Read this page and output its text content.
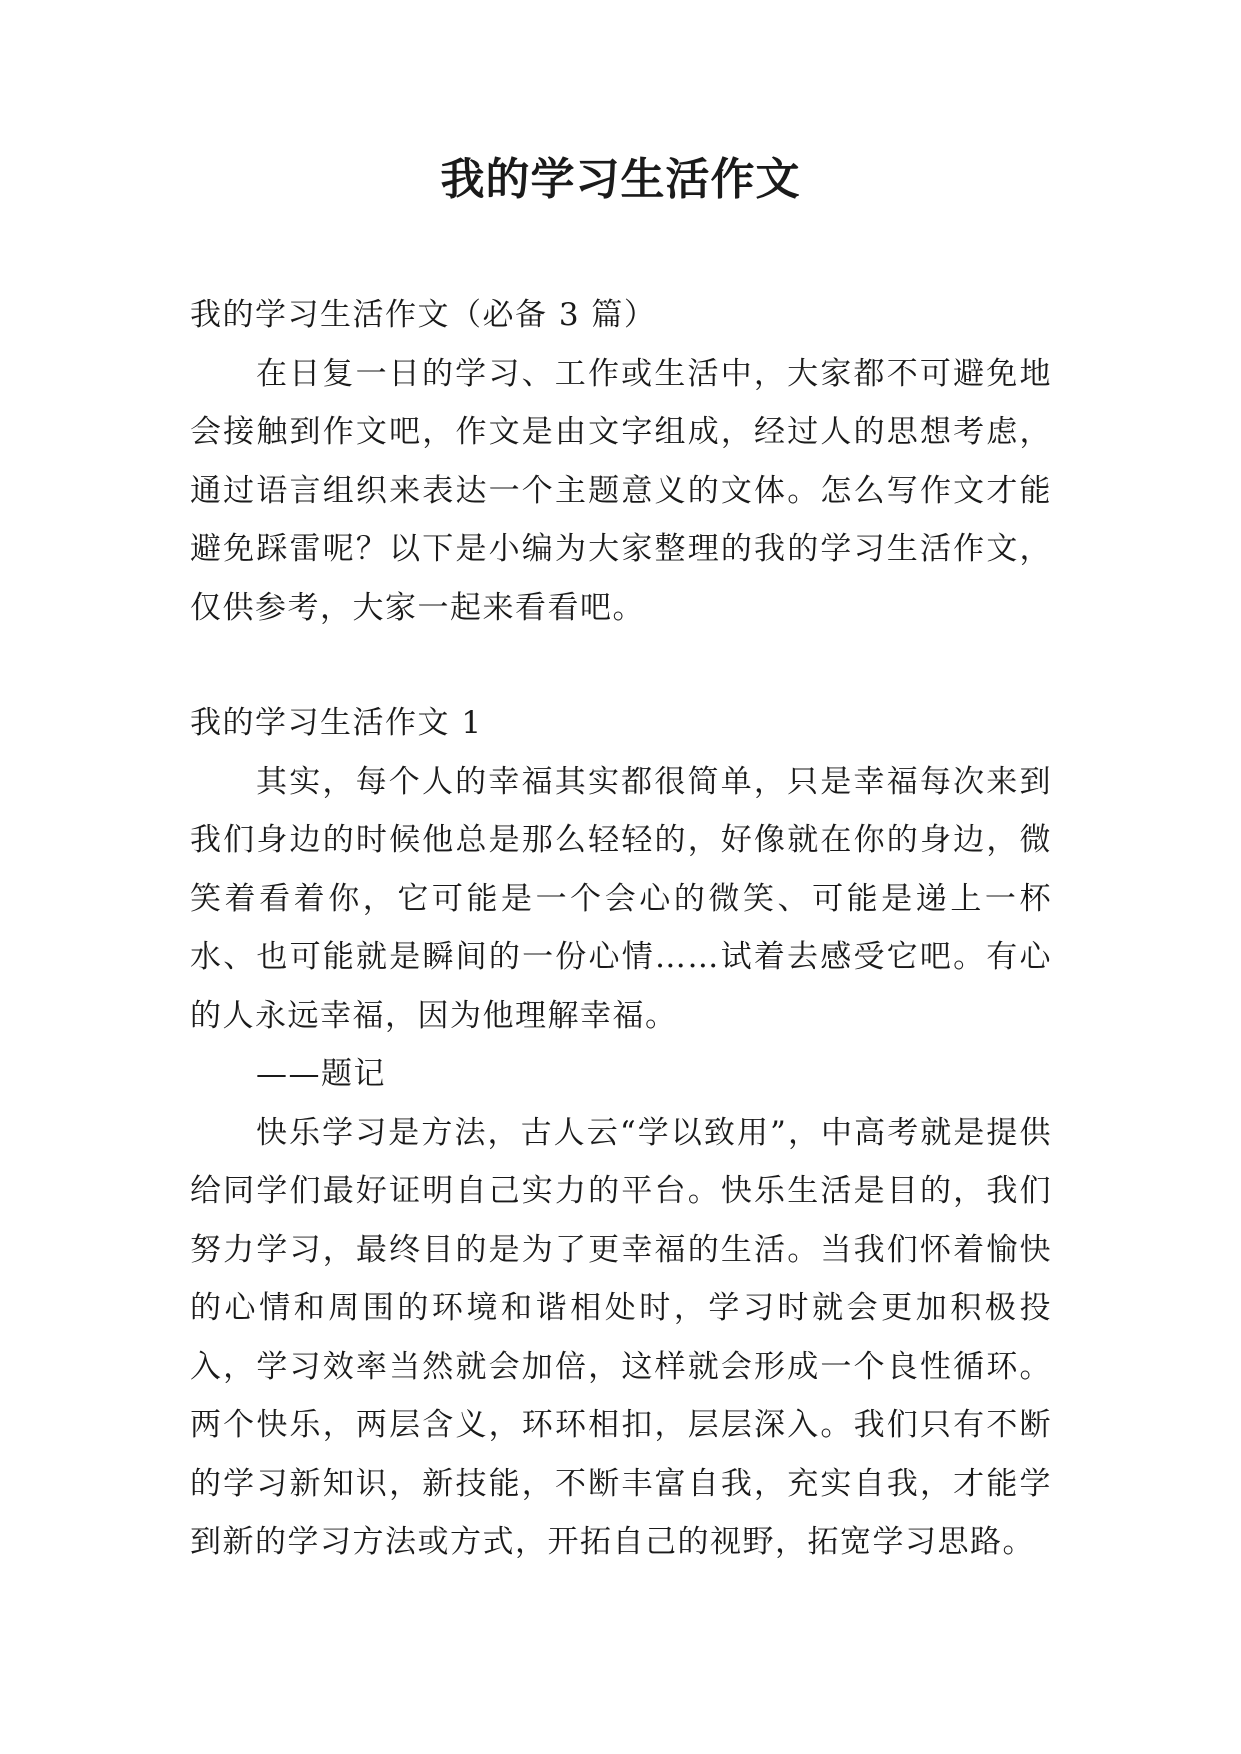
我的学习生活作文

我的学习生活作文（必备 3 篇）

在日复一日的学习、工作或生活中，大家都不可避免地会接触到作文吧，作文是由文字组成，经过人的思想考虑，通过语言组织来表达一个主题意义的文体。怎么写作文才能避免踩雷呢？以下是小编为大家整理的我的学习生活作文，仅供参考，大家一起来看看吧。

我的学习生活作文 1

其实，每个人的幸福其实都很简单，只是幸福每次来到我们身边的时候他总是那么轻轻的，好像就在你的身边，微笑着看着你，它可能是一个会心的微笑、可能是递上一杯水、也可能就是瞬间的一份心情……试着去感受它吧。有心的人永远幸福，因为他理解幸福。

——题记

快乐学习是方法，古人云“学以致用”，中高考就是提供给同学们最好证明自己实力的平台。快乐生活是目的，我们努力学习，最终目的是为了更幸福的生活。当我们怀着愉快的心情和周围的环境和谐相处时，学习时就会更加积极投入，学习效率当然就会加倍，这样就会形成一个良性循环。两个快乐，两层含义，环环相扣，层层深入。我们只有不断的学习新知识，新技能，不断丰富自我，充实自我，才能学到新的学习方法或方式，开拓自己的视野，拓宽学习思路。
